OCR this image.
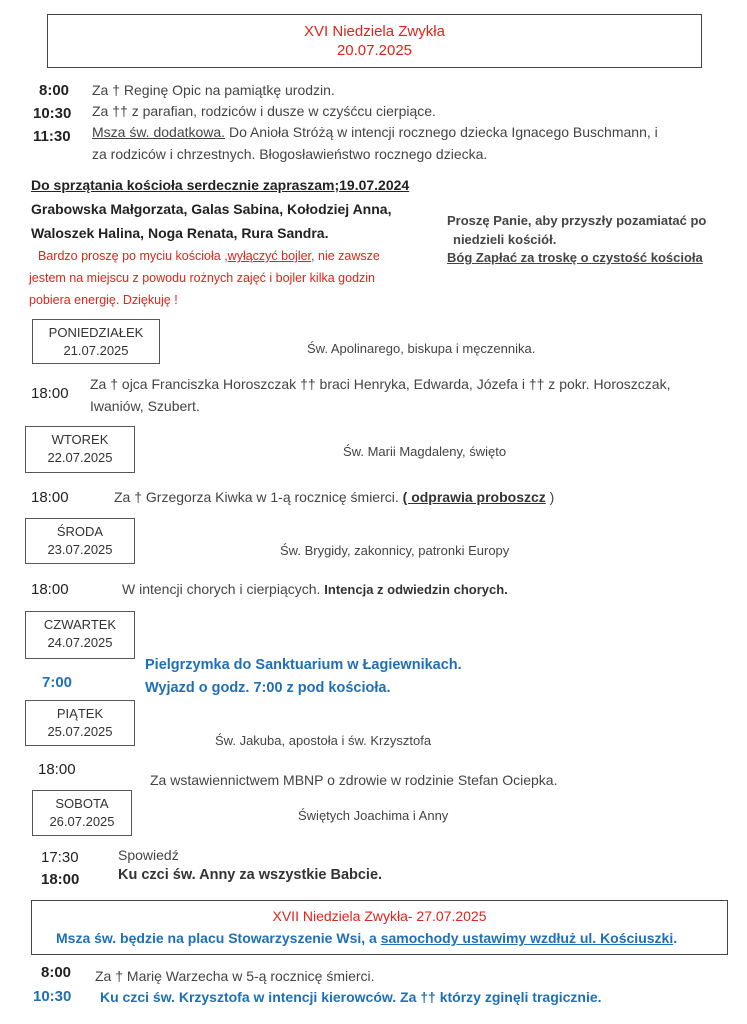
XVI Niedziela Zwykła
20.07.2025
8:00 Za † Reginę Opic na pamiątkę urodzin.
10:30 Za †† z parafian, rodziców i dusze w czyśćcu cierpiące.
11:30 Msza św. dodatkowa. Do Anioła Stróżą w intencji rocznego dziecka Ignacego Buschmann, i
za rodziców i chrzestnych. Błogosławieństwo rocznego dziecka.
Do sprzątania kościoła serdecznie zapraszam;19.07.2024
Grabowska Małgorzata, Galas Sabina, Kołodziej Anna,
Waloszek Halina, Noga Renata, Rura Sandra.
Bardzo proszę po myciu kościoła ,wyłączyć bojler, nie zawsze
jestem na miejscu z powodu rożnych zajęć i bojler kilka godzin
pobiera energię. Dziękuję !
Proszę Panie, aby przyszły pozamiatać po
niedzieli kościół.
Bóg Zapłać za troskę o czystość kościoła
PONIEDZIAŁEK
21.07.2025	Św. Apolinarego, biskupa i męczennika.
18:00
Za † ojca Franciszka Horoszczak †† braci Henryka, Edwarda, Józefa i †† z pokr. Horoszczak,
Iwaniów, Szubert.
WTOREK
22.07.2025	Św. Marii Magdaleny, święto
18:00	Za † Grzegorza Kiwka w 1-ą rocznicę śmierci. ( odprawia proboszcz )
ŚRODA
23.07.2025	Św. Brygidy, zakonnicy, patronki Europy
18:00	W intencji chorych i cierpiących. Intencja z odwiedzin chorych.
CZWARTEK
24.07.2025
Pielgrzymka do Sanktuarium w Łagiewnikach.
Wyjazd o godz. 7:00 z pod kościoła.
7:00
PIĄTEK
25.07.2025
Św. Jakuba, apostoła i św. Krzysztofa
18:00
Za wstawiennictwem MBNP o zdrowie w rodzinie Stefan Ociepka.
SOBOTA
26.07.2025	Świętych Joachima i Anny
17:30	Spowiedź
18:00	Ku czci św. Anny za wszystkie Babcie.
XVII Niedziela Zwykła- 27.07.2025
Msza św. będzie na placu Stowarzyszenie Wsi, a samochody ustawimy wzdłuż ul. Kościuszki.
8:00 Za † Marię Warzecha w 5-ą rocznicę śmierci.
10:30 Ku czci św. Krzysztofa w intencji kierowców. Za †† którzy zginęli tragicznie.
